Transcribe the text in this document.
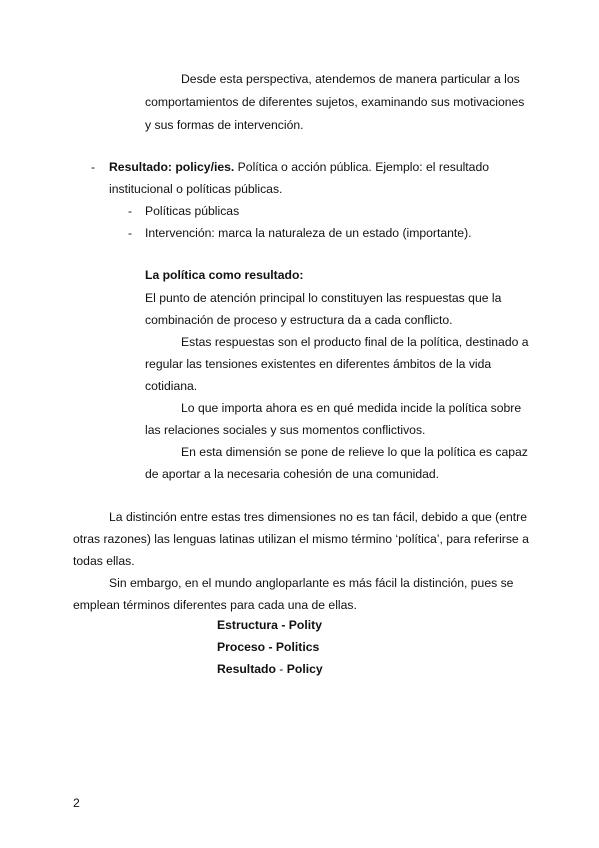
Desde esta perspectiva, atendemos de manera particular a los
comportamientos de diferentes sujetos, examinando sus motivaciones
y sus formas de intervención.
- Resultado: policy/ies. Política o acción pública. Ejemplo: el resultado
institucional o políticas públicas.
- Políticas públicas
- Intervención: marca la naturaleza de un estado (importante).
La política como resultado:
El punto de atención principal lo constituyen las respuestas que la
combinación de proceso y estructura da a cada conflicto.
Estas respuestas son el producto final de la política, destinado a
regular las tensiones existentes en diferentes ámbitos de la vida
cotidiana.
Lo que importa ahora es en qué medida incide la política sobre
las relaciones sociales y sus momentos conflictivos.
En esta dimensión se pone de relieve lo que la política es capaz
de aportar a la necesaria cohesión de una comunidad.
La distinción entre estas tres dimensiones no es tan fácil, debido a que (entre
otras razones) las lenguas latinas utilizan el mismo término ‘política’, para referirse a
todas ellas.
Sin embargo, en el mundo angloparlante es más fácil la distinción, pues se
emplean términos diferentes para cada una de ellas.
Estructura - Polity
Proceso - Politics
Resultado - Policy
2
